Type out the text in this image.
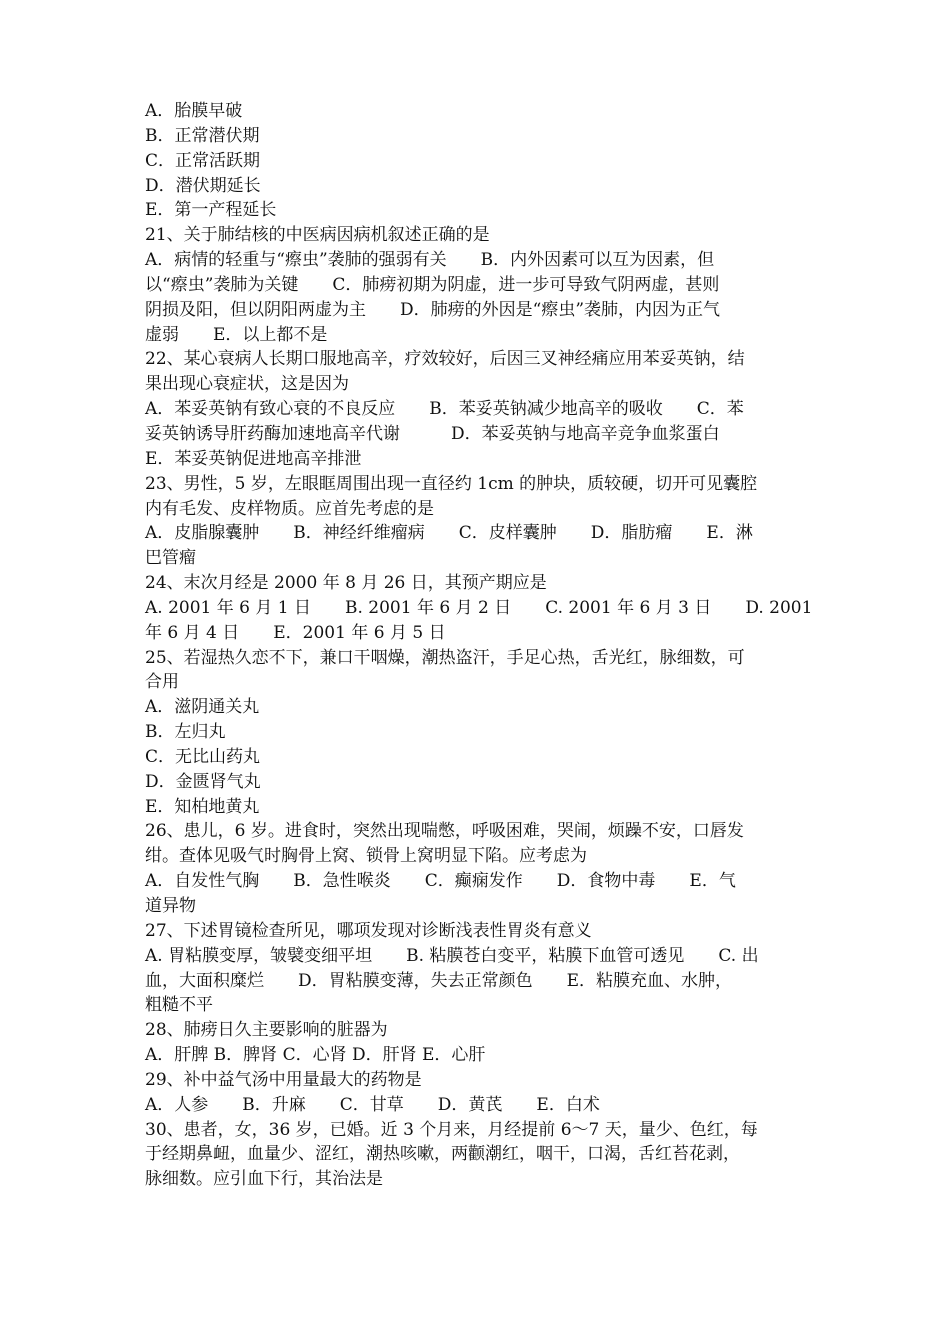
A．胎膜早破
B．正常潜伏期
C．正常活跃期
D．潜伏期延长
E．第一产程延长
21、关于肺结核的中医病因病机叙述正确的是
A．病情的轻重与“瘵虫”袭肺的强弱有关　　B．内外因素可以互为因素，但
以“瘵虫”袭肺为关键　　C．肺痨初期为阴虚，进一步可导致气阴两虚，甚则
阴损及阳，但以阴阳两虚为主　　D．肺痨的外因是“瘵虫”袭肺，内因为正气
虚弱　　E．以上都不是
22、某心衰病人长期口服地高辛，疗效较好，后因三叉神经痛应用苯妥英钠，结
果出现心衰症状，这是因为
A．苯妥英钠有致心衰的不良反应　　B．苯妥英钠减少地高辛的吸收　　C．苯
妥英钠诱导肝药酶加速地高辛代谢　　　D．苯妥英钠与地高辛竞争血浆蛋白
E．苯妥英钠促进地高辛排泄
23、男性，5 岁，左眼眶周围出现一直径约 1cm 的肿块，质较硬，切开可见囊腔
内有毛发、皮样物质。应首先考虑的是
A．皮脂腺囊肿　　B．神经纤维瘤病　　C．皮样囊肿　　D．脂肪瘤　　E．淋
巴管瘤
24、末次月经是 2000 年 8 月 26 日，其预产期应是
A. 2001 年 6 月 1 日　　B. 2001 年 6 月 2 日　　C. 2001 年 6 月 3 日　　D. 2001
年 6 月 4 日　　E．2001 年 6 月 5 日
25、若湿热久恋不下，兼口干咽燥，潮热盗汗，手足心热，舌光红，脉细数，可
合用
A．滋阴通关丸
B．左归丸
C．无比山药丸
D．金匮肾气丸
E．知柏地黄丸
26、患儿，6 岁。进食时，突然出现喘憋，呼吸困难，哭闹，烦躁不安，口唇发
绀。查体见吸气时胸骨上窝、锁骨上窝明显下陷。应考虑为
A．自发性气胸　　B．急性喉炎　　C．癫痫发作　　D．食物中毒　　E．气
道异物
27、下述胃镜检查所见，哪项发现对诊断浅表性胃炎有意义
A. 胃粘膜变厚，皱襞变细平坦　　B. 粘膜苍白变平，粘膜下血管可透见　　C. 出
血，大面积糜烂　　D．胃粘膜变薄，失去正常颜色　　E．粘膜充血、水肿，
粗糙不平
28、肺痨日久主要影响的脏器为
A．肝脾 B．脾肾 C．心肾 D．肝肾 E．心肝
29、补中益气汤中用量最大的药物是
A．人参　　B．升麻　　C．甘草　　D．黄芪　　E．白术
30、患者，女，36 岁，已婚。近 3 个月来，月经提前 6～7 天，量少、色红，每
于经期鼻衄，血量少、涩红，潮热咳嗽，两颧潮红，咽干，口渴，舌红苔花剥，
脉细数。应引血下行，其治法是
